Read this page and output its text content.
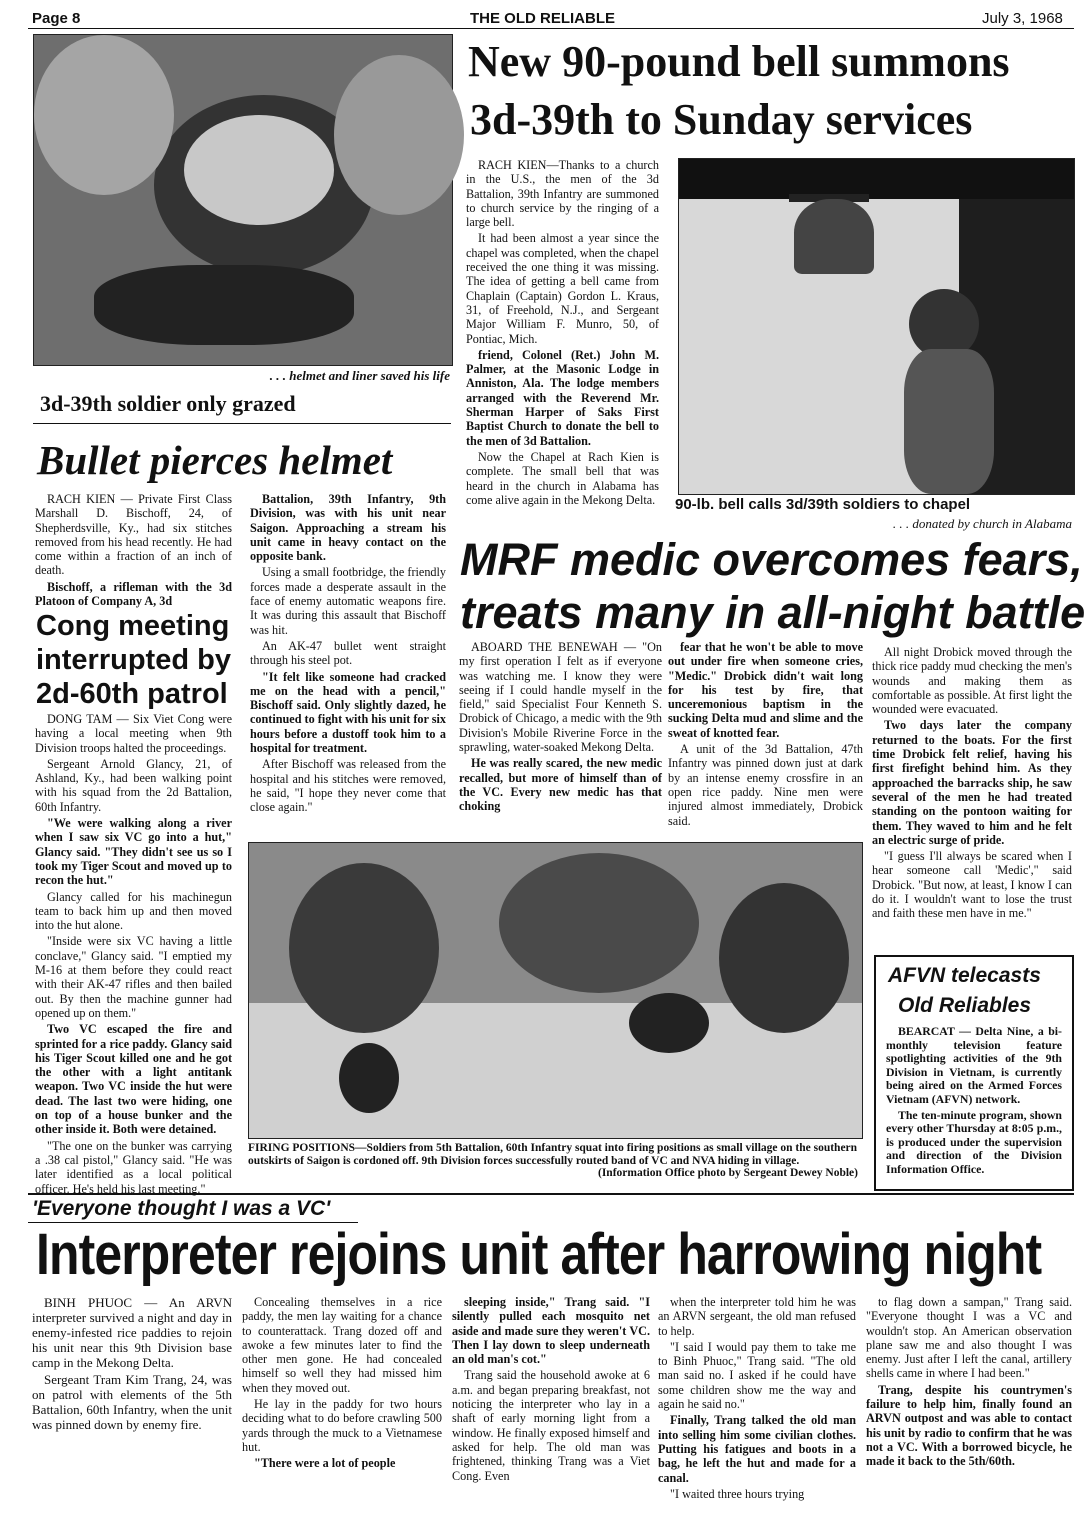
Page 8	THE OLD RELIABLE	July 3, 1968
. . . helmet and liner saved his life
3d-39th soldier only grazed
Bullet pierces helmet

RACH KIEN — Private First Class Marshall D. Bischoff, 24, of Shepherdsville, Ky., had six stitches removed from his head recently. He had come within a fraction of an inch of death.

Bischoff, a rifleman with the 3d Platoon of Company A, 3d

Battalion, 39th Infantry, 9th Division, was with his unit near Saigon. Approaching a stream his unit came in heavy contact on the opposite bank.

Using a small footbridge, the friendly forces made a desperate assault in the face of enemy automatic weapons fire. It was during this assault that Bischoff was hit.

An AK-47 bullet went straight through his steel pot.

"It felt like someone had cracked me on the head with a pencil," Bischoff said. Only slightly dazed, he continued to fight with his unit for six hours before a dustoff took him to a hospital for treatment.

After Bischoff was released from the hospital and his stitches were removed, he said, "I hope they never come that close again."

Cong meeting
interrupted by
2d-60th patrol

DONG TAM — Six Viet Cong were having a local meeting when 9th Division troops halted the proceedings.

Sergeant Arnold Glancy, 21, of Ashland, Ky., had been walking point with his squad from the 2d Battalion, 60th Infantry.

"We were walking along a river when I saw six VC go into a hut," Glancy said. "They didn't see us so I took my Tiger Scout and moved up to recon the hut."

Glancy called for his machinegun team to back him up and then moved into the hut alone.

"Inside were six VC having a little conclave," Glancy said. "I emptied my M-16 at them before they could react with their AK-47 rifles and then bailed out. By then the machine gunner had opened up on them."

Two VC escaped the fire and sprinted for a rice paddy. Glancy said his Tiger Scout killed one and he got the other with a light antitank weapon. Two VC inside the hut were dead. The last two were hiding, one on top of a house bunker and the other inside it. Both were detained.

"The one on the bunker was carrying a .38 cal pistol," Glancy said. "He was later identified as a local political officer. He's held his last meeting."

New 90-pound bell summons
3d-39th to Sunday services

RACH KIEN—Thanks to a church in the U.S., the men of the 3d Battalion, 39th Infantry are summoned to church service by the ringing of a large bell.

It had been almost a year since the chapel was completed, when the chapel received the one thing it was missing. The idea of getting a bell came from Chaplain (Captain) Gordon L. Kraus, 31, of Freehold, N.J., and Sergeant Major William F. Munro, 50, of Pontiac, Mich.

friend, Colonel (Ret.) John M. Palmer, at the Masonic Lodge in Anniston, Ala. The lodge members arranged with the Reverend Mr. Sherman Harper of Saks First Baptist Church to donate the bell to the men of 3d Battalion.

Now the Chapel at Rach Kien is complete. The small bell that was heard in the church in Alabama has come alive again in the Mekong Delta. 90-lb. bell calls 3d/39th soldiers to chapel
. . . donated by church in Alabama
MRF medic overcomes fears,
treats many in all-night battle

ABOARD THE BENEWAH — "On my first operation I felt as if everyone was watching me. I know they were seeing if I could handle myself in the field," said Specialist Four Kenneth S. Drobick of Chicago, a medic with the 9th Division's Mobile Riverine Force in the sprawling, water-soaked Mekong Delta.

He was really scared, the new medic recalled, but more of himself than of the VC. Every new medic has that choking

fear that he won't be able to move out under fire when someone cries, "Medic." Drobick didn't wait long for his test by fire, that unceremonious baptism in the sucking Delta mud and slime and the sweat of knotted fear.

A unit of the 3d Battalion, 47th Infantry was pinned down just at dark by an intense enemy crossfire in an open rice paddy. Nine men were injured almost immediately, Drobick said.

All night Drobick moved through the thick rice paddy mud checking the men's wounds and making them as comfortable as possible. At first light the wounded were evacuated.

Two days later the company returned to the boats. For the first time Drobick felt relief, having his first firefight behind him. As they approached the barracks ship, he saw several of the men he had treated standing on the pontoon waiting for them. They waved to him and he felt an electric surge of pride.

"I guess I'll always be scared when I hear someone call 'Medic'," said Drobick. "But now, at least, I know I can do it. I wouldn't want to lose the trust and faith these men have in me."

FIRING POSITIONS—Soldiers from 5th Battalion, 60th Infantry squat into firing positions as small village on the southern outskirts of Saigon is cordoned off. 9th Division forces successfully routed band of VC and NVA hiding in village.
(Information Office photo by Sergeant Dewey Noble)
AFVN telecasts
Old Reliables

BEARCAT — Delta Nine, a bi-monthly television feature spotlighting activities of the 9th Division in Vietnam, is currently being aired on the Armed Forces Vietnam (AFVN) network.

The ten-minute program, shown every other Thursday at 8:05 p.m., is produced under the supervision and direction of the Division Information Office.

'Everyone thought I was a VC'
Interpreter rejoins unit after harrowing night

BINH PHUOC — An ARVN interpreter survived a night and day in enemy-infested rice paddies to rejoin his unit near this 9th Division base camp in the Mekong Delta.

Sergeant Tram Kim Trang, 24, was on patrol with elements of the 5th Battalion, 60th Infantry, when the unit was pinned down by enemy fire.

Concealing themselves in a rice paddy, the men lay waiting for a chance to counterattack. Trang dozed off and awoke a few minutes later to find the other men gone. He had concealed himself so well they had missed him when they moved out.

He lay in the paddy for two hours deciding what to do before crawling 500 yards through the muck to a Vietnamese hut.

"There were a lot of people

sleeping inside," Trang said. "I silently pulled each mosquito net aside and made sure they weren't VC. Then I lay down to sleep underneath an old man's cot."

Trang said the household awoke at 6 a.m. and began preparing breakfast, not noticing the interpreter who lay in a shaft of early morning light from a window. He finally exposed himself and asked for help. The old man was frightened, thinking Trang was a Viet Cong. Even

when the interpreter told him he was an ARVN sergeant, the old man refused to help.

"I said I would pay them to take me to Binh Phuoc," Trang said. "The old man said no. I asked if he could have some children show me the way and again he said no."

Finally, Trang talked the old man into selling him some civilian clothes. Putting his fatigues and boots in a bag, he left the hut and made for a canal.

"I waited three hours trying

to flag down a sampan," Trang said. "Everyone thought I was a VC and wouldn't stop. An American observation plane saw me and also thought I was enemy. Just after I left the canal, artillery shells came in where I had been."

Trang, despite his countrymen's failure to help him, finally found an ARVN outpost and was able to contact his unit by radio to confirm that he was not a VC. With a borrowed bicycle, he made it back to the 5th/60th.
